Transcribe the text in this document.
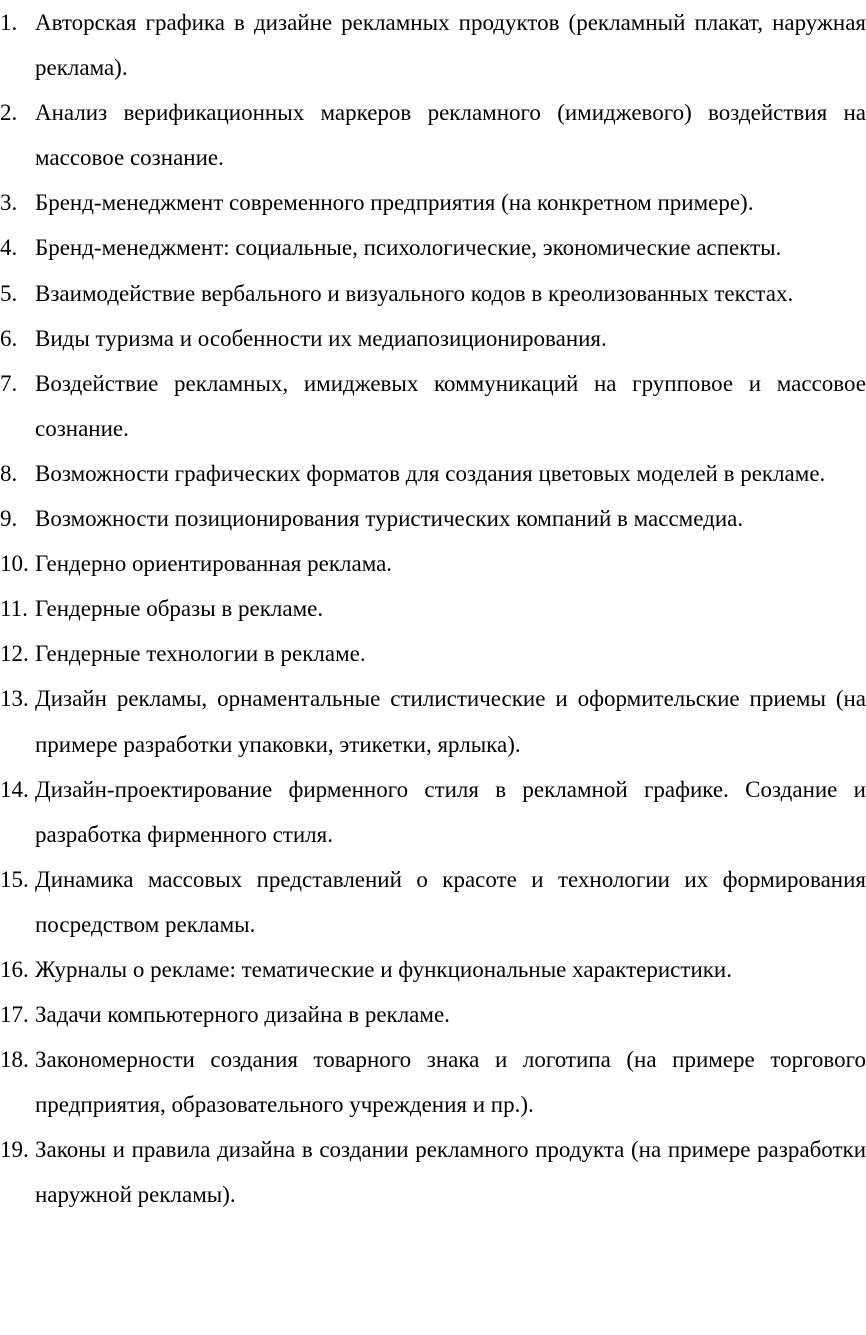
1. Авторская графика в дизайне рекламных продуктов (рекламный плакат, наружная реклама).
2. Анализ верификационных маркеров рекламного (имиджевого) воздействия на массовое сознание.
3. Бренд-менеджмент современного предприятия (на конкретном примере).
4. Бренд-менеджмент: социальные, психологические, экономические аспекты.
5. Взаимодействие вербального и визуального кодов в креолизованных текстах.
6. Виды туризма и особенности их медиапозиционирования.
7. Воздействие рекламных, имиджевых коммуникаций на групповое и массовое сознание.
8. Возможности графических форматов для создания цветовых моделей в рекламе.
9. Возможности позиционирования туристических компаний в массмедиа.
10. Гендерно ориентированная реклама.
11. Гендерные образы в рекламе.
12. Гендерные технологии в рекламе.
13. Дизайн рекламы, орнаментальные стилистические и оформительские приемы (на примере разработки упаковки, этикетки, ярлыка).
14. Дизайн-проектирование фирменного стиля в рекламной графике. Создание и разработка фирменного стиля.
15. Динамика массовых представлений о красоте и технологии их формирования посредством рекламы.
16. Журналы о рекламе: тематические и функциональные характеристики.
17. Задачи компьютерного дизайна в рекламе.
18. Закономерности создания товарного знака и логотипа (на примере торгового предприятия, образовательного учреждения и пр.).
19. Законы и правила дизайна в создании рекламного продукта (на примере разработки наружной рекламы).
